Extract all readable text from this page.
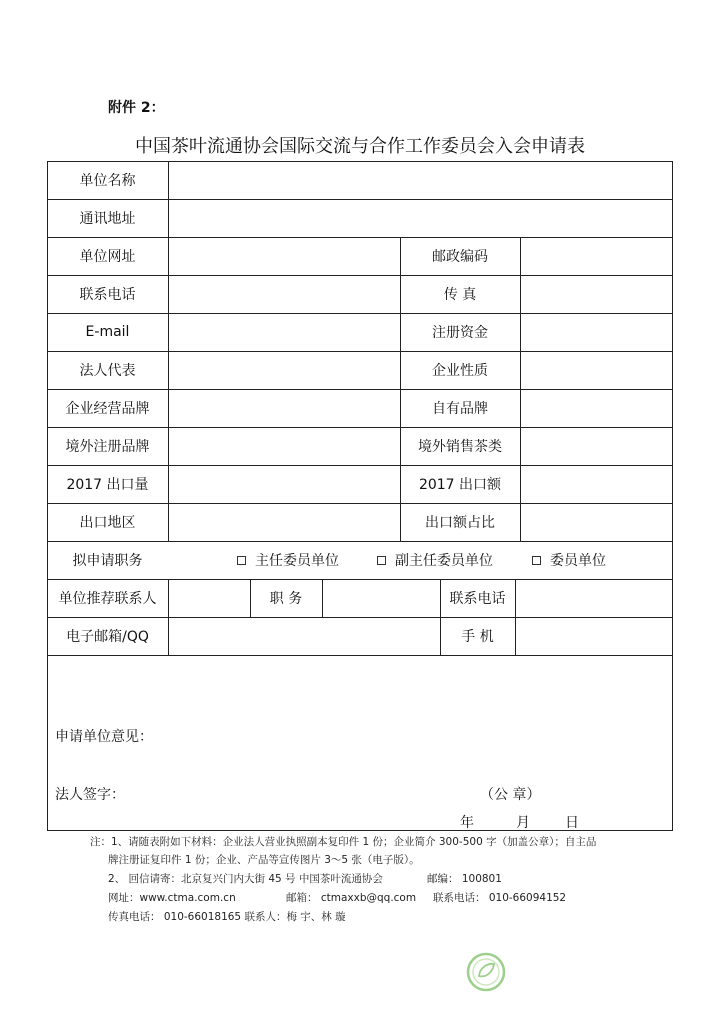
附件 2：
中国茶叶流通协会国际交流与合作工作委员会入会申请表
单位名称
通讯地址
单位网址	邮政编码
联系电话	传 真
E-mail	注册资金
法人代表	企业性质
企业经营品牌	自有品牌
境外注册品牌	境外销售茶类
2017 出口量	2017 出口额
出口地区	出口额占比
拟申请职务	主任委员单位	副主任委员单位	委员单位
单位推荐联系人	职 务	联系电话
电子邮箱/QQ	手 机
申请单位意见：
法人签字：	（公 章）
年	月	日
注：1、请随表附如下材料：企业法人营业执照副本复印件 1 份；企业简介 300-500 字（加盖公章）；自主品
牌注册证复印件 1 份；企业、产品等宣传图片 3～5 张（电子版）。
2、 回信请寄：北京复兴门内大街 45 号 中国茶叶流通协会	邮编： 100801
网址：www.ctma.com.cn	邮箱： ctmaxxb@qq.com 联系电话： 010-66094152
传真电话： 010-66018165 联系人：梅 宇、林 璇
